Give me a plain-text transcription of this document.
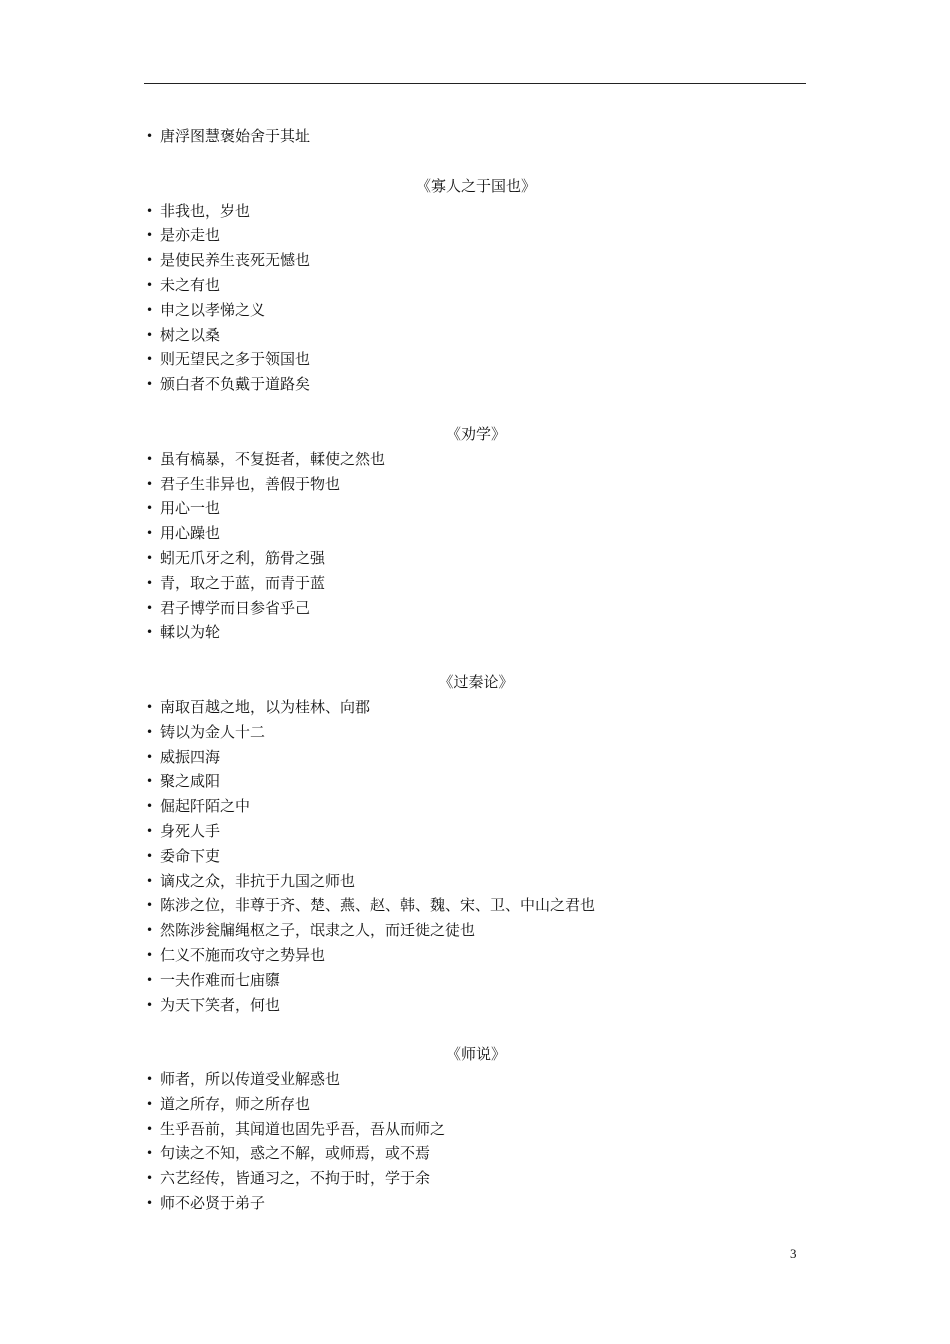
• 唐浮图慧褒始舍于其址
《寡人之于国也》
• 非我也，岁也
• 是亦走也
• 是使民养生丧死无憾也
• 未之有也
• 申之以孝悌之义
• 树之以桑
• 则无望民之多于领国也
• 颁白者不负戴于道路矣
《劝学》
• 虽有槁暴，不复挺者，輮使之然也
• 君子生非异也，善假于物也
• 用心一也
• 用心躁也
• 蚓无爪牙之利，筋骨之强
• 青，取之于蓝，而青于蓝
• 君子博学而日参省乎己
• 輮以为轮
《过秦论》
• 南取百越之地，以为桂林、向郡
• 铸以为金人十二
• 威振四海
• 聚之咸阳
• 倔起阡陌之中
• 身死人手
• 委命下吏
• 谪戍之众，非抗于九国之师也
• 陈涉之位，非尊于齐、楚、燕、赵、韩、魏、宋、卫、中山之君也
• 然陈涉瓮牖绳枢之子，氓隶之人，而迁徙之徒也
• 仁义不施而攻守之势异也
• 一夫作难而七庙隳
• 为天下笑者，何也
《师说》
• 师者，所以传道受业解惑也
• 道之所存，师之所存也
• 生乎吾前，其闻道也固先乎吾，吾从而师之
• 句读之不知，惑之不解，或师焉，或不焉
• 六艺经传，皆通习之，不拘于时，学于余
• 师不必贤于弟子
3
